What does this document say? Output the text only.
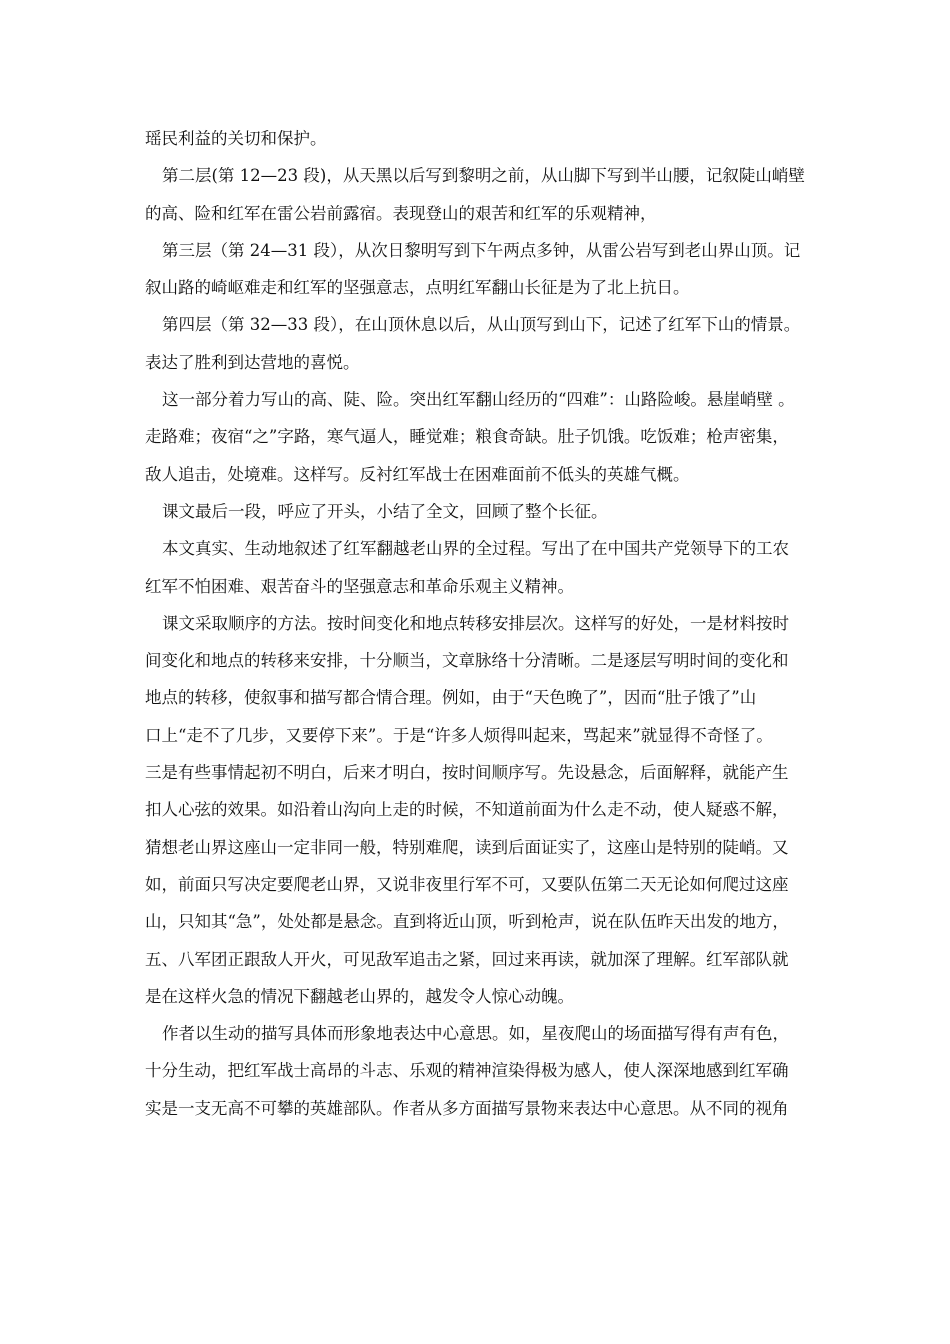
瑶民利益的关切和保护。
第二层(第 12—23 段)，从天黑以后写到黎明之前，从山脚下写到半山腰，记叙陡山峭壁
的高、险和红军在雷公岩前露宿。表现登山的艰苦和红军的乐观精神，
第三层（第 24—31 段），从次日黎明写到下午两点多钟，从雷公岩写到老山界山顶。记
叙山路的崎岖难走和红军的坚强意志，点明红军翻山长征是为了北上抗日。
第四层（第 32—33 段），在山顶休息以后，从山顶写到山下，记述了红军下山的情景。
表达了胜利到达营地的喜悦。
这一部分着力写山的高、陡、险。突出红军翻山经历的“四难”：山路险峻。悬崖峭壁 。
走路难；夜宿“之”字路，寒气逼人，睡觉难；粮食奇缺。肚子饥饿。吃饭难；枪声密集，
敌人追击，处境难。这样写。反衬红军战士在困难面前不低头的英雄气概。
课文最后一段，呼应了开头，小结了全文，回顾了整个长征。
本文真实、生动地叙述了红军翻越老山界的全过程。写出了在中国共产党领导下的工农
红军不怕困难、艰苦奋斗的坚强意志和革命乐观主义精神。
课文采取顺序的方法。按时间变化和地点转移安排层次。这样写的好处，一是材料按时
间变化和地点的转移来安排，十分顺当，文章脉络十分清晰。二是逐层写明时间的变化和
地点的转移，使叙事和描写都合情合理。例如，由于“天色晚了”，因而“肚子饿了”山
口上“走不了几步，又要停下来”。于是“许多人烦得叫起来，骂起来”就显得不奇怪了。
三是有些事情起初不明白，后来才明白，按时间顺序写。先设悬念，后面解释，就能产生
扣人心弦的效果。如沿着山沟向上走的时候，不知道前面为什么走不动，使人疑惑不解，
猜想老山界这座山一定非同一般，特别难爬，读到后面证实了，这座山是特别的陡峭。又
如，前面只写决定要爬老山界，又说非夜里行军不可，又要队伍第二天无论如何爬过这座
山，只知其“急”，处处都是悬念。直到将近山顶，听到枪声，说在队伍昨天出发的地方，
五、八军团正跟敌人开火，可见敌军追击之紧，回过来再读，就加深了理解。红军部队就
是在这样火急的情况下翻越老山界的，越发令人惊心动魄。
作者以生动的描写具体而形象地表达中心意思。如，星夜爬山的场面描写得有声有色，
十分生动，把红军战士高昂的斗志、乐观的精神渲染得极为感人，使人深深地感到红军确
实是一支无高不可攀的英雄部队。作者从多方面描写景物来表达中心意思。从不同的视角
